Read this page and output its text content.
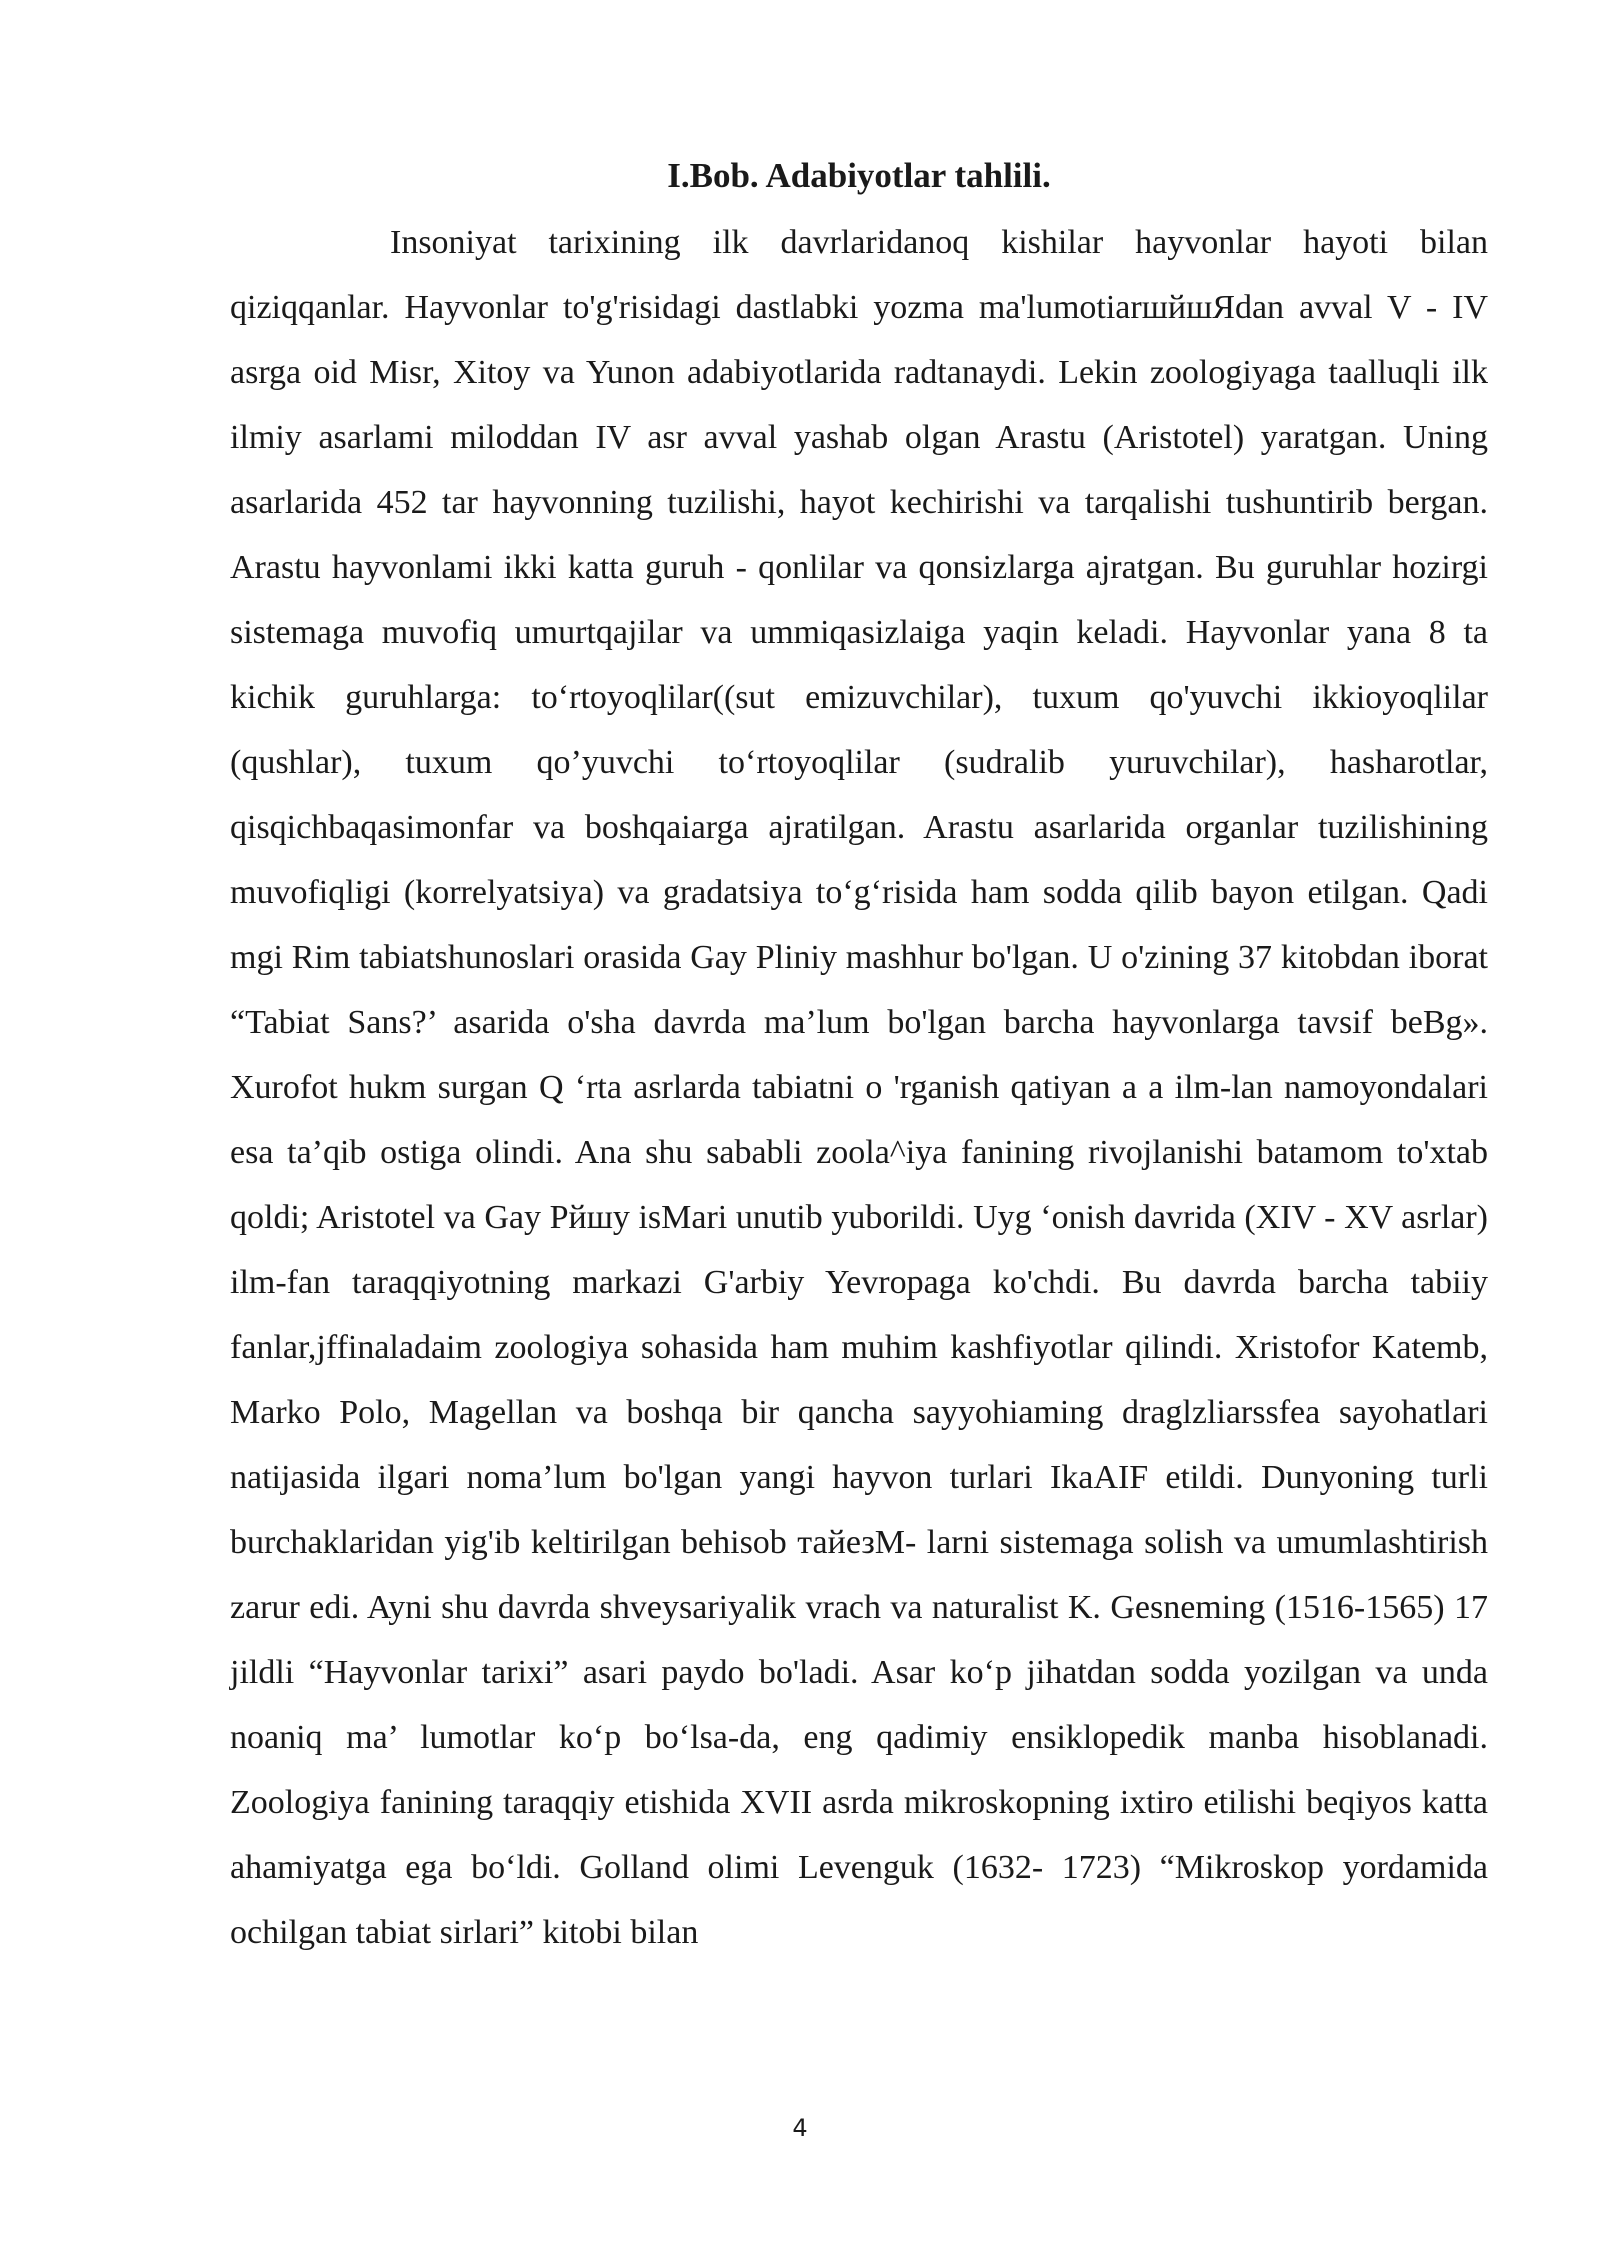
I.Bob. Adabiyotlar tahlili.

Insoniyat tarixining ilk davrlaridanoq kishilar hayvonlar hayoti bilan qiziqqanlar. Hayvonlar to'g'risidagi dastlabki yozma ma'lumotiarшйшЯdan avval V - IV asrga oid Misr, Xitoy va Yunon adabiyotlarida radtanaydi. Lekin zoologiyaga taalluqli ilk ilmiy asarlami miloddan IV asr avval yashab olgan Arastu (Aristotel) yaratgan. Uning asarlarida 452 tar hayvonning tuzilishi, hayot kechirishi va tarqalishi tushuntirib bergan. Arastu hayvonlami ikki katta guruh - qonlilar va qonsizlarga ajratgan. Bu guruhlar hozirgi sistemaga muvofiq umurtqajilar va ummiqasizlaiga yaqin keladi. Hayvonlar yana 8 ta kichik guruhlarga: to‘rtoyoqlilar((sut emizuvchilar), tuxum qo'yuvchi ikkioyoqlilar (qushlar), tuxum qo’yuvchi to‘rtoyoqlilar (sudralib yuruvchilar), hasharotlar, qisqichbaqasimonfar va boshqaiarga ajratilgan. Arastu asarlarida organlar tuzilishining muvofiqligi (korrelyatsiya) va gradatsiya to‘g‘risida ham sodda qilib bayon etilgan. Qadi mgi Rim tabiatshunoslari orasida Gay Pliniy mashhur bo'lgan. U o'zining 37 kitobdan iborat “Tabiat Sans?’ asarida o'sha davrda ma’lum bo'lgan barcha hayvonlarga tavsif beBg». Xurofot hukm surgan Q ‘rta asrlarda tabiatni o 'rganish qatiyan a a ilm-lan namoyondalari esa ta’qib ostiga olindi. Ana shu sababli zoola^iya fanining rivojlanishi batamom to'xtab qoldi; Aristotel va Gay Рйшу isMari unutib yuborildi. Uyg ‘onish davrida (XIV - XV asrlar) ilm-fan taraqqiyotning markazi G'arbiy Yevropaga ko'chdi. Bu davrda barcha tabiiy fanlar,jffinaladaim zoologiya sohasida ham muhim kashfiyotlar qilindi. Xristofor Katemb, Marko Polo, Magellan va boshqa bir qancha sayyohiaming draglzliarssfea sayohatlari natijasida ilgari noma’lum bo'lgan yangi hayvon turlari IkaAIF etildi. Dunyoning turli burchaklaridan yig'ib keltirilgan behisob тайезМ- larni sistemaga solish va umumlashtirish zarur edi. Ayni shu davrda shveysariyalik vrach va naturalist K. Gesneming (1516-1565) 17 jildli “Hayvonlar tarixi” asari paydo bo'ladi. Asar ko‘p jihatdan sodda yozilgan va unda noaniq ma’ lumotlar ko‘p bo‘lsa-da, eng qadimiy ensiklopedik manba hisoblanadi. Zoologiya fanining taraqqiy etishida XVII asrda mikroskopning ixtiro etilishi beqiyos katta ahamiyatga ega bo‘ldi. Golland olimi Levenguk (1632- 1723) “Mikroskop yordamida ochilgan tabiat sirlari” kitobi bilan

4
